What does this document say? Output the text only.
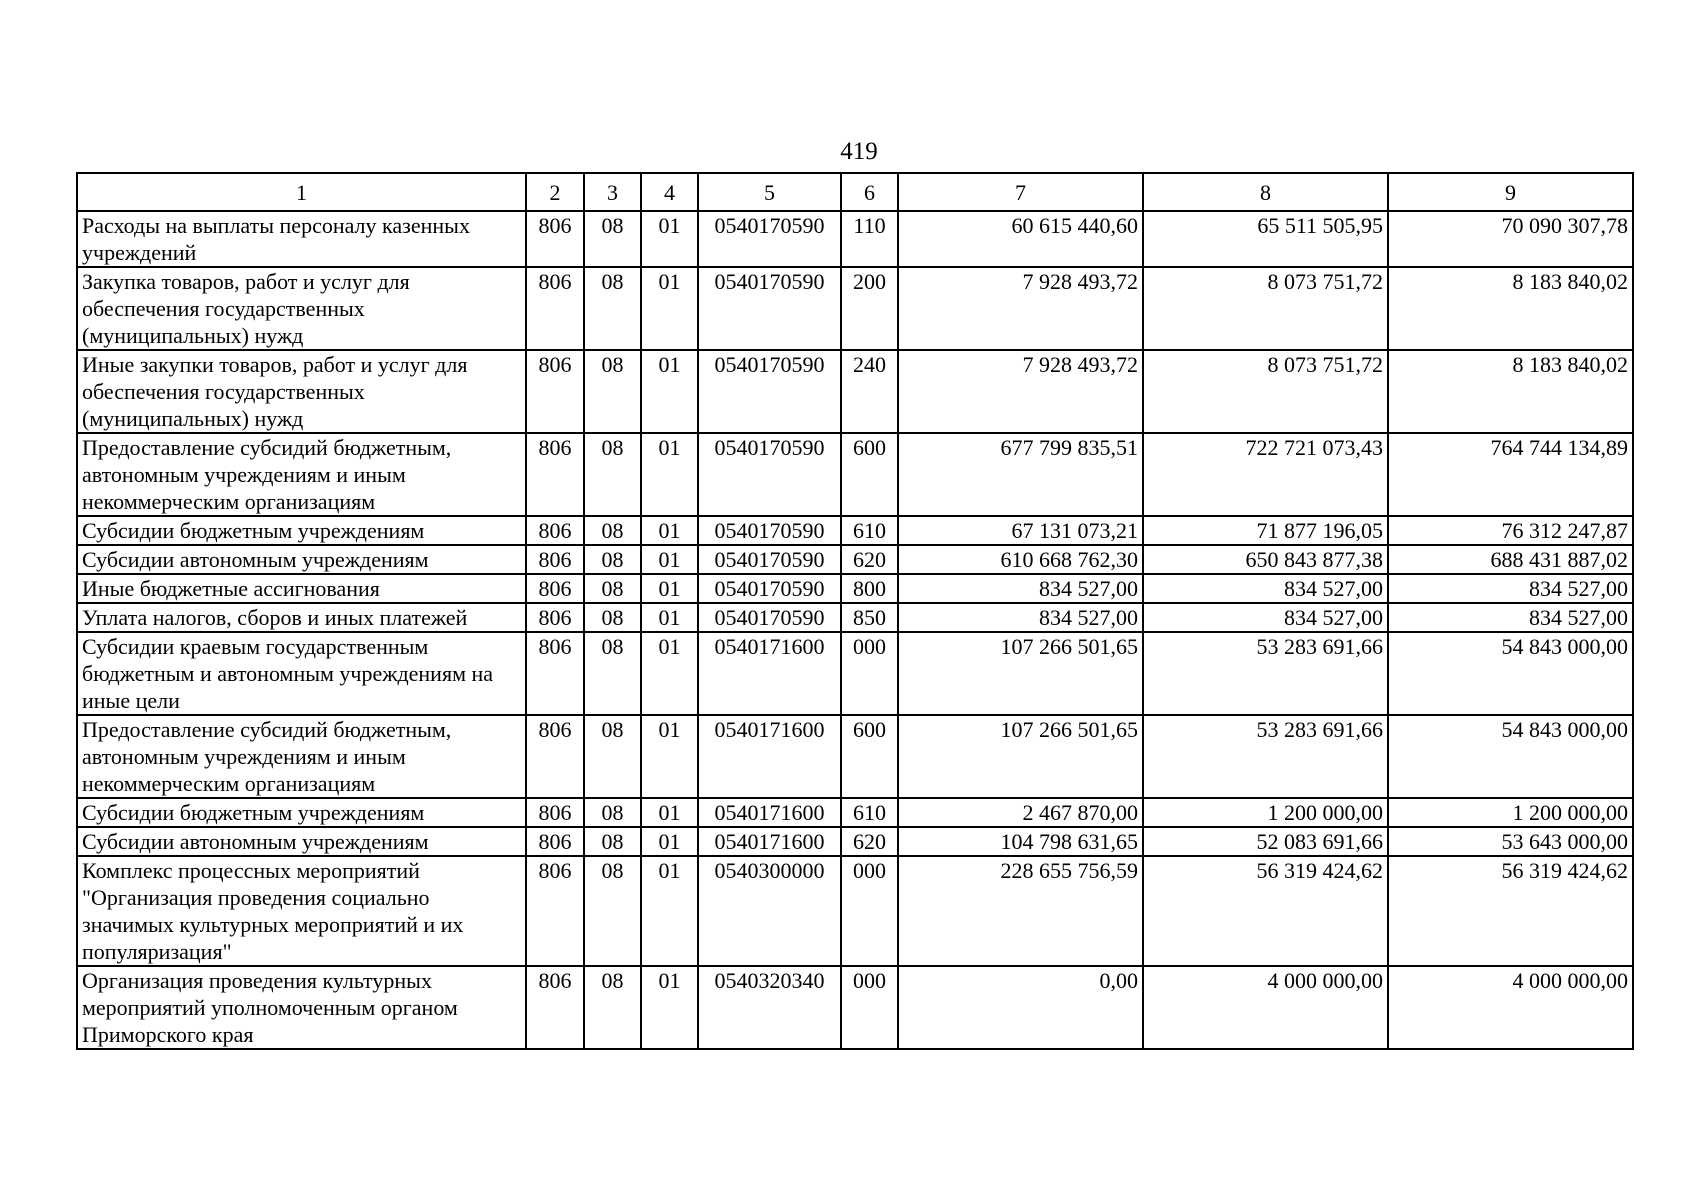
419
1	2	3	4	5	6	7	8	9
Расходы на выплаты персоналу казенных учреждений	806	08	01	0540170590	110	60 615 440,60	65 511 505,95	70 090 307,78
Закупка товаров, работ и услуг для обеспечения государственных (муниципальных) нужд	806	08	01	0540170590	200	7 928 493,72	8 073 751,72	8 183 840,02
Иные закупки товаров, работ и услуг для обеспечения государственных (муниципальных) нужд	806	08	01	0540170590	240	7 928 493,72	8 073 751,72	8 183 840,02
Предоставление субсидий бюджетным, автономным учреждениям и иным некоммерческим организациям	806	08	01	0540170590	600	677 799 835,51	722 721 073,43	764 744 134,89
Субсидии бюджетным учреждениям	806	08	01	0540170590	610	67 131 073,21	71 877 196,05	76 312 247,87
Субсидии автономным учреждениям	806	08	01	0540170590	620	610 668 762,30	650 843 877,38	688 431 887,02
Иные бюджетные ассигнования	806	08	01	0540170590	800	834 527,00	834 527,00	834 527,00
Уплата налогов, сборов и иных платежей	806	08	01	0540170590	850	834 527,00	834 527,00	834 527,00
Субсидии краевым государственным бюджетным и автономным учреждениям на иные цели	806	08	01	0540171600	000	107 266 501,65	53 283 691,66	54 843 000,00
Предоставление субсидий бюджетным, автономным учреждениям и иным некоммерческим организациям	806	08	01	0540171600	600	107 266 501,65	53 283 691,66	54 843 000,00
Субсидии бюджетным учреждениям	806	08	01	0540171600	610	2 467 870,00	1 200 000,00	1 200 000,00
Субсидии автономным учреждениям	806	08	01	0540171600	620	104 798 631,65	52 083 691,66	53 643 000,00
Комплекс процессных мероприятий "Организация проведения социально значимых культурных мероприятий и их популяризация"	806	08	01	0540300000	000	228 655 756,59	56 319 424,62	56 319 424,62
Организация проведения культурных мероприятий уполномоченным органом Приморского края	806	08	01	0540320340	000	0,00	4 000 000,00	4 000 000,00
